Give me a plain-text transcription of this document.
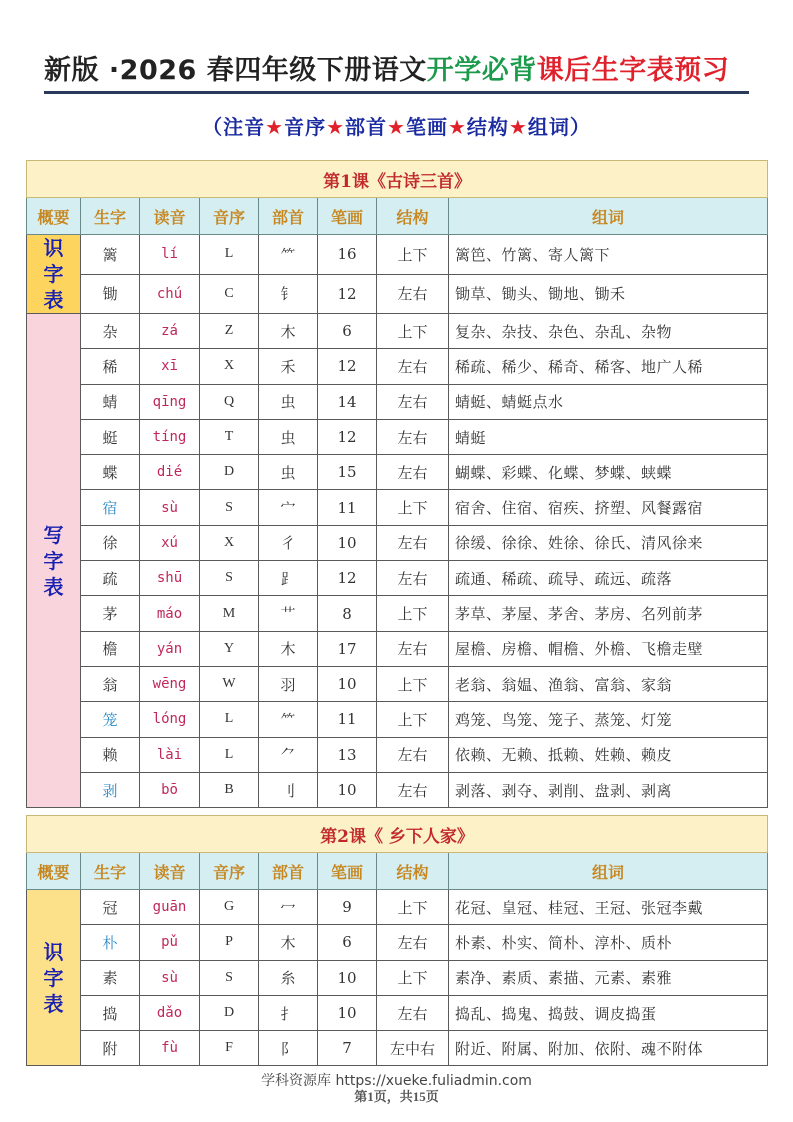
新版 ·2026 春四年级下册语文开学必背课后生字表预习
（注音★音序★部首★笔画★结构★组词）
第1课《古诗三首》							
概要	生字	读音	音序	部首	笔画	结构	组词

识
字
表	篱	lí	L	⺮	16	上下	篱笆、竹篱、寄人篱下
	锄	chú	C	钅	12	左右	锄草、锄头、锄地、锄禾

写
字
表	杂	zá	Z	木	6	上下	复杂、杂技、杂色、杂乱、杂物
	稀	xī	X	禾	12	左右	稀疏、稀少、稀奇、稀客、地广人稀
	蜻	qīng	Q	虫	14	左右	蜻蜓、蜻蜓点水
	蜓	tíng	T	虫	12	左右	蜻蜓
	蝶	dié	D	虫	15	左右	蝴蝶、彩蝶、化蝶、梦蝶、蛱蝶
	宿	sù	S	宀	11	上下	宿舍、住宿、宿疾、挤塑、风餐露宿
	徐	xú	X	彳	10	左右	徐缓、徐徐、姓徐、徐氏、清风徐来
	疏	shū	S	⻊	12	左右	疏通、稀疏、疏导、疏远、疏落
	茅	máo	M	艹	8	上下	茅草、茅屋、茅舍、茅房、名列前茅
	檐	yán	Y	木	17	左右	屋檐、房檐、帽檐、外檐、飞檐走壁
	翁	wēng	W	羽	10	上下	老翁、翁媪、渔翁、富翁、家翁
	笼	lóng	L	⺮	11	上下	鸡笼、鸟笼、笼子、蒸笼、灯笼
	赖	lài	L	⺈	13	左右	依赖、无赖、抵赖、姓赖、赖皮
	剥	bō	B	刂	10	左右	剥落、剥夺、剥削、盘剥、剥离
第2课《 乡下人家》							
概要	生字	读音	音序	部首	笔画	结构	组词

识
字
表	冠	guān	G	冖	9	上下	花冠、皇冠、桂冠、王冠、张冠李戴
	朴	pǔ	P	木	6	左右	朴素、朴实、简朴、淳朴、质朴
	素	sù	S	糸	10	上下	素净、素质、素描、元素、素雅
	捣	dǎo	D	扌	10	左右	捣乱、捣鬼、捣鼓、调皮捣蛋
	附	fù	F	阝	7	左中右	附近、附属、附加、依附、魂不附体
学科资源库 https://xueke.fuliadmin.com
第1页，共15页
